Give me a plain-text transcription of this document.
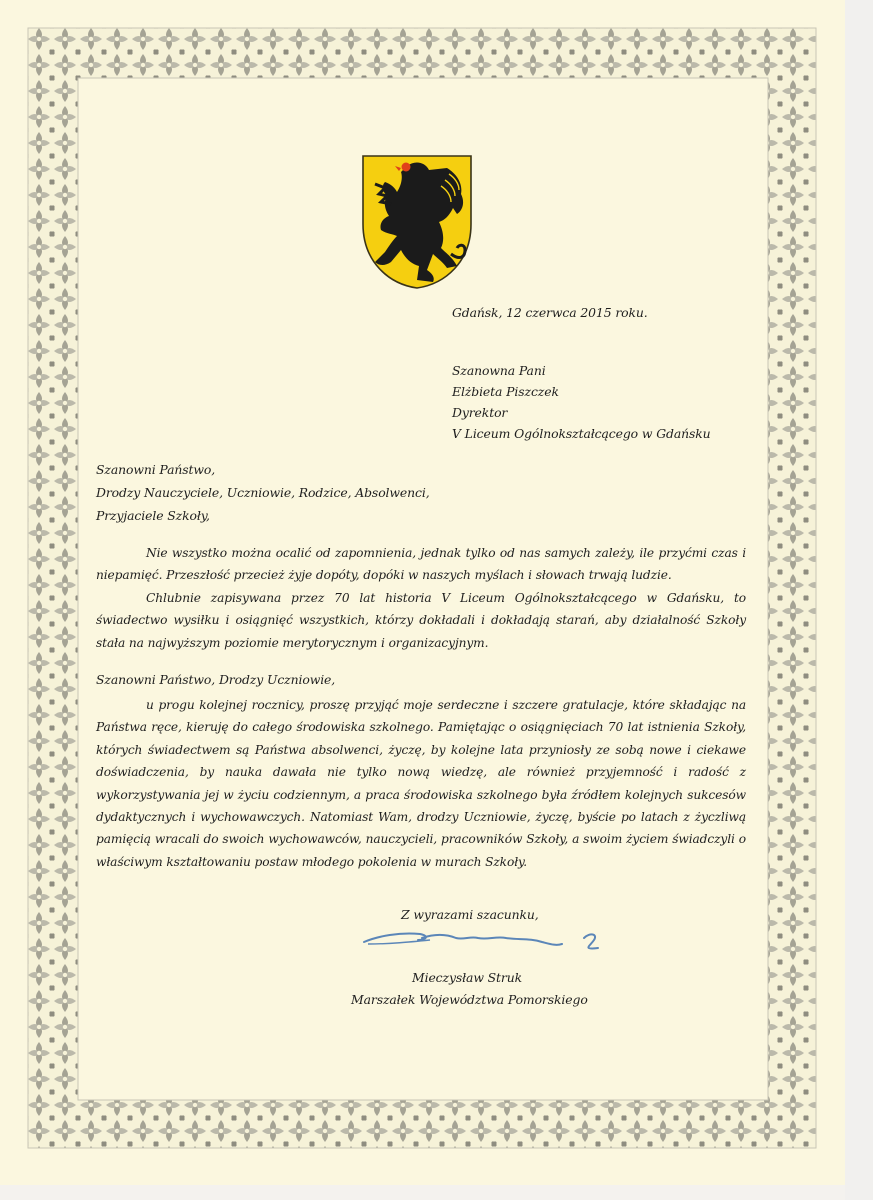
Gdańsk, 12 czerwca 2015 roku.
Szanowna Pani
Elżbieta Piszczek
Dyrektor
V Liceum Ogólnokształcącego w Gdańsku
Szanowni Państwo,
Drodzy Nauczyciele, Uczniowie, Rodzice, Absolwenci,
Przyjaciele Szkoły,
Nie wszystko można ocalić od zapomnienia, jednak tylko od nas samych zależy, ile przyćmi czas i niepamięć. Przeszłość przecież żyje dopóty, dopóki w naszych myślach i słowach trwają ludzie.
Chlubnie zapisywana przez 70 lat historia V Liceum Ogólnokształcącego w Gdańsku, to świadectwo wysiłku i osiągnięć wszystkich, którzy dokładali i dokładają starań, aby działalność Szkoły stała na najwyższym poziomie merytorycznym i organizacyjnym.
Szanowni Państwo, Drodzy Uczniowie,
u progu kolejnej rocznicy, proszę przyjąć moje serdeczne i szczere gratulacje, które składając na Państwa ręce, kieruję do całego środowiska szkolnego. Pamiętając o osiągnięciach 70 lat istnienia Szkoły, których świadectwem są Państwa absolwenci, życzę, by kolejne lata przyniosły ze sobą nowe i ciekawe doświadczenia, by nauka dawała nie tylko nową wiedzę, ale również przyjemność i radość z wykorzystywania jej w życiu codziennym, a praca środowiska szkolnego była źródłem kolejnych sukcesów dydaktycznych i wychowawczych. Natomiast Wam, drodzy Uczniowie, życzę, byście po latach z życzliwą pamięcią wracali do swoich wychowawców, nauczycieli, pracowników Szkoły, a swoim życiem świadczyli o właściwym kształtowaniu postaw młodego pokolenia w murach Szkoły.
Z wyrazami szacunku,
Mieczysław Struk
Marszałek Województwa Pomorskiego
